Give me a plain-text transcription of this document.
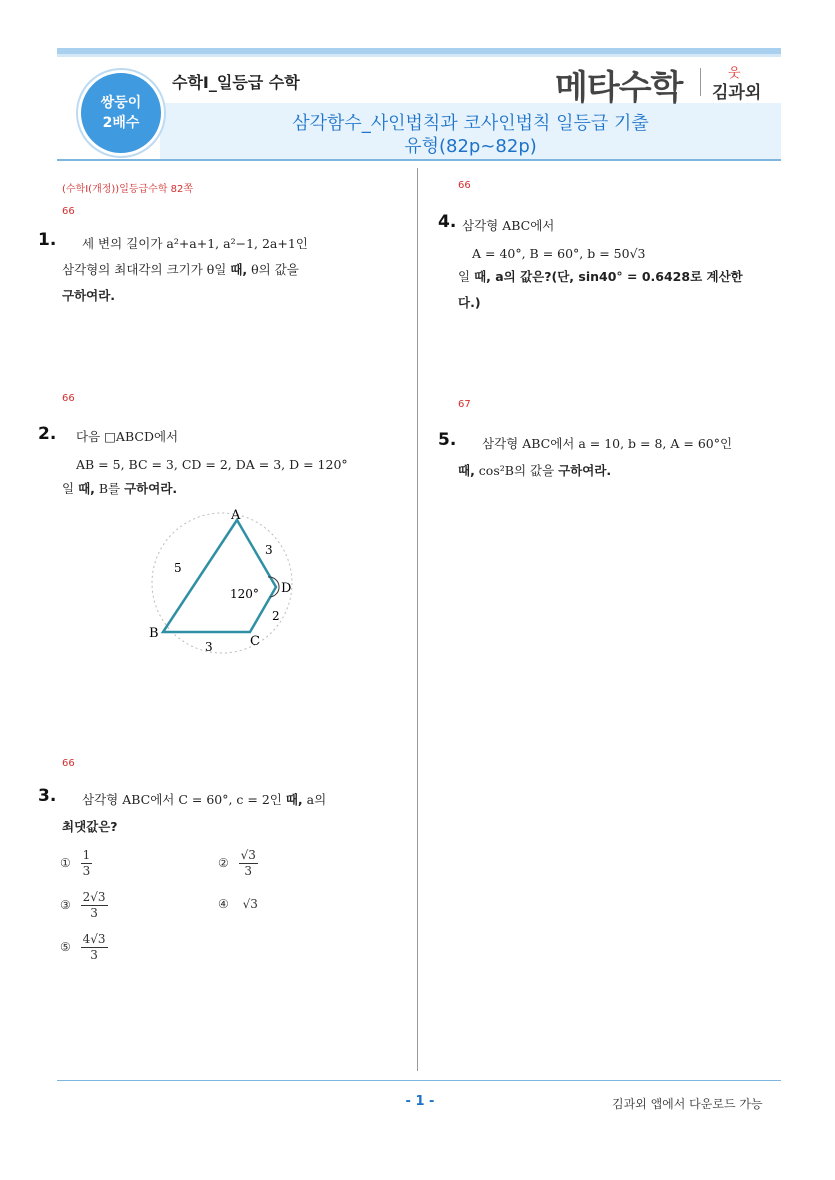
쌍둥이
2배수
수학Ⅰ_일등급 수학	메타수학	웃
김과외
삼각함수_사인법칙과 코사인법칙 일등급 기출
유형(82p~82p)
(수학Ⅰ(개정))일등급수학 82쪽
66
1. 세 변의 길이가 a²+a+1, a²−1, 2a+1인
삼각형의 최대각의 크기가 θ일 때, θ의 값을
구하여라.
66
2. 다음 □ABCD에서
AB = 5, BC = 3, CD = 2, DA = 3, D = 120°
일 때, B를 구하여라.
A
B
C
D
5
3
2
3
120°
66
3. 삼각형 ABC에서 C = 60°, c = 2인 때, a의
최댓값은?
① $\frac{1}{3}$	② $\frac{√3}{3}$
③ $\frac{2√3}{3}$	④ √3
⑤ $\frac{4√3}{3}$
66
4. 삼각형 ABC에서
A = 40°, B = 60°, b = 50√3
일 때, a의 값은?(단, sin40° = 0.6428로 계산한
다.)
67
5. 삼각형 ABC에서 a = 10, b = 8, A = 60°인
때, cos²B의 값을 구하여라.
- 1 -	김과외 앱에서 다운로드 가능
